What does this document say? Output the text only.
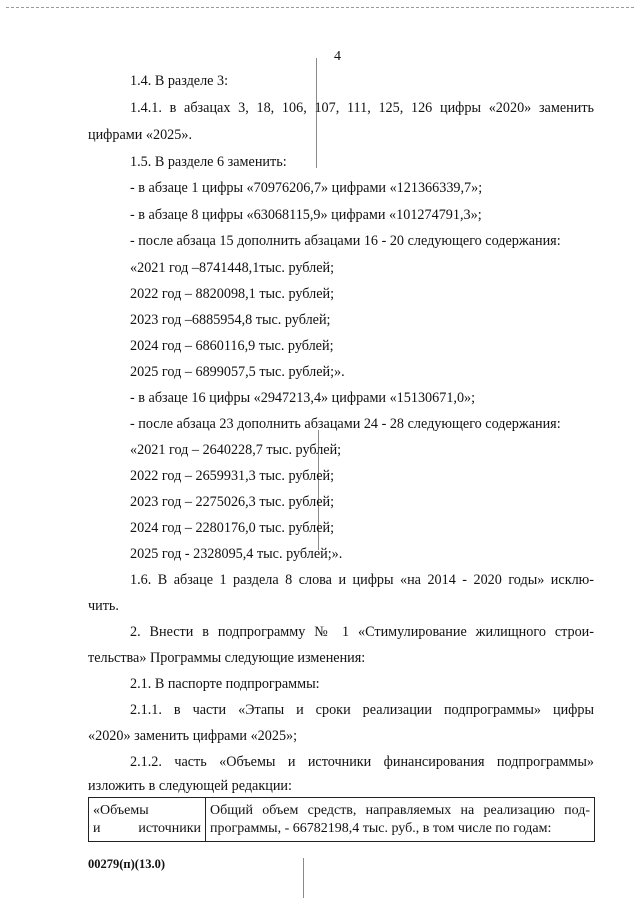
4
1.4. В разделе 3:
1.4.1. в абзацах 3, 18, 106, 107, 111, 125, 126 цифры «2020» заменить
цифрами «2025».
1.5. В разделе 6 заменить:
- в абзаце 1 цифры «70976206,7» цифрами «121366339,7»;
- в абзаце 8 цифры «63068115,9» цифрами «101274791,3»;
- после абзаца 15 дополнить абзацами 16 - 20 следующего содержания:
«2021 год –8741448,1тыс. рублей;
2022 год – 8820098,1 тыс. рублей;
2023 год –6885954,8 тыс. рублей;
2024 год – 6860116,9 тыс. рублей;
2025 год – 6899057,5 тыс. рублей;».
- в абзаце 16 цифры «2947213,4» цифрами «15130671,0»;
- после абзаца 23 дополнить абзацами 24 - 28 следующего содержания:
«2021 год – 2640228,7 тыс. рублей;
2022 год – 2659931,3 тыс. рублей;
2023 год – 2275026,3 тыс. рублей;
2024 год – 2280176,0 тыс. рублей;
2025 год - 2328095,4 тыс. рублей;».
1.6. В абзаце 1 раздела 8 слова и цифры «на 2014 - 2020 годы» исклю-
чить.
2. Внести в подпрограмму № 1 «Стимулирование жилищного строи-
тельства» Программы следующие изменения:
2.1. В паспорте подпрограммы:
2.1.1. в части «Этапы и сроки реализации подпрограммы» цифры
«2020» заменить цифрами «2025»;
2.1.2. часть «Объемы и источники финансирования подпрограммы»
изложить в следующей редакции:
«Объемы
и	источники

Общий объем средств, направляемых на реализацию под-
программы, - 66782198,4 тыс. руб., в том числе по годам:
00279(п)(13.0)
